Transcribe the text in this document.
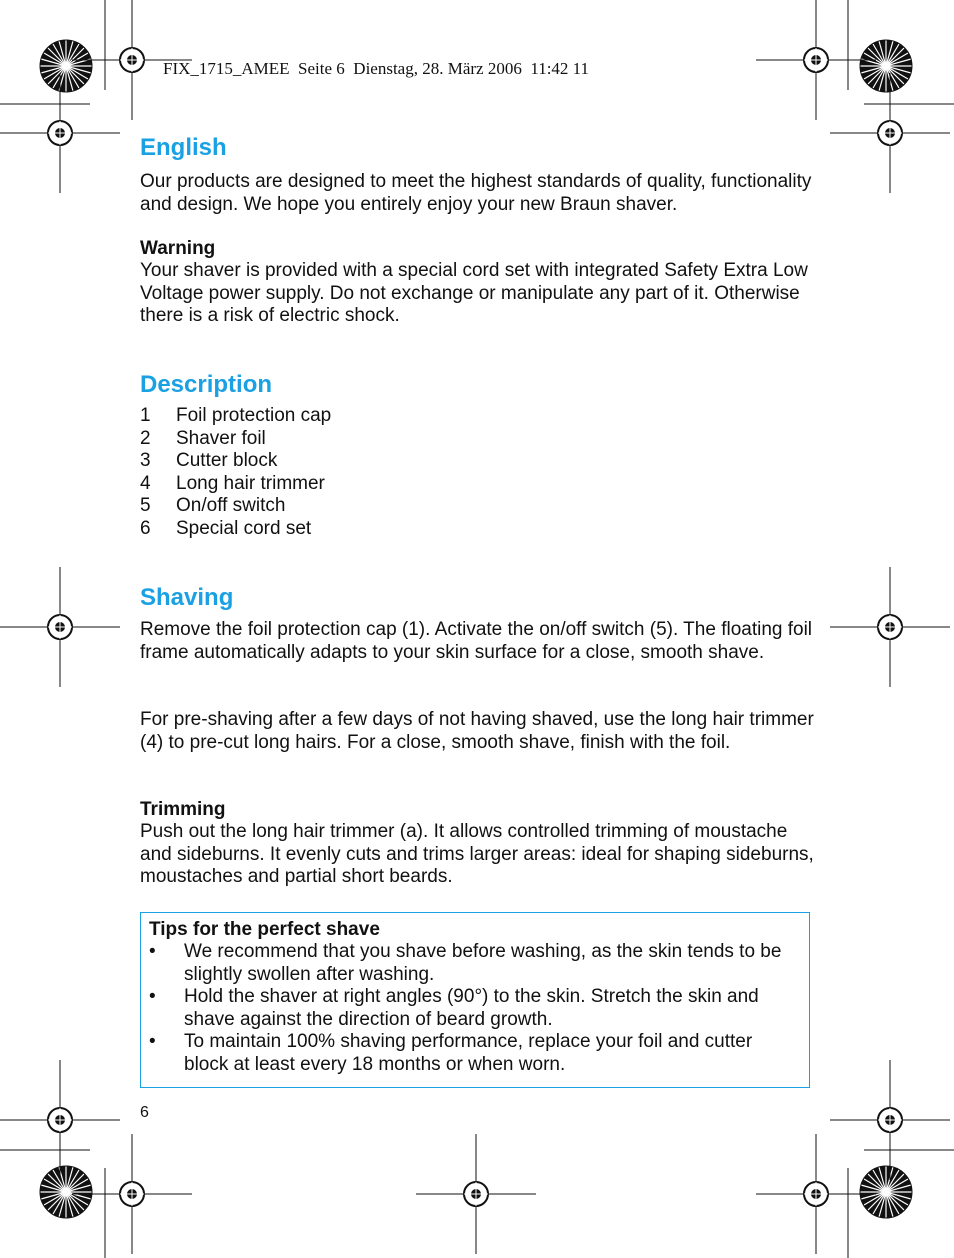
FIX_1715_AMEE  Seite 6  Dienstag, 28. März 2006  11:42 11
English

Our products are designed to meet the highest standards of quality, functionality and design. We hope you entirely enjoy your new Braun shaver.

Warning

Your shaver is provided with a special cord set with integrated Safety Extra Low Voltage power supply. Do not exchange or manipulate any part of it. Otherwise there is a risk of electric shock.

Description
1	Foil protection cap
2	Shaver foil
3	Cutter block
4	Long hair trimmer
5	On/off switch
6	Special cord set
Shaving

Remove the foil protection cap (1). Activate the on/off switch (5). The floating foil frame automatically adapts to your skin surface for a close, smooth shave.

For pre-shaving after a few days of not having shaved, use the long hair trimmer (4) to pre-cut long hairs. For a close, smooth shave, finish with the foil.

Trimming

Push out the long hair trimmer (a). It allows controlled trimming of moustache and sideburns. It evenly cuts and trims larger areas: ideal for shaping sideburns, moustaches and partial short beards.

Tips for the perfect shave
•	We recommend that you shave before washing, as the skin tends to be slightly swollen after washing.
•	Hold the shaver at right angles (90°) to the skin. Stretch the skin and shave against the direction of beard growth.
•	To maintain 100% shaving performance, replace your foil and cutter block at least every 18 months or when worn.
6
